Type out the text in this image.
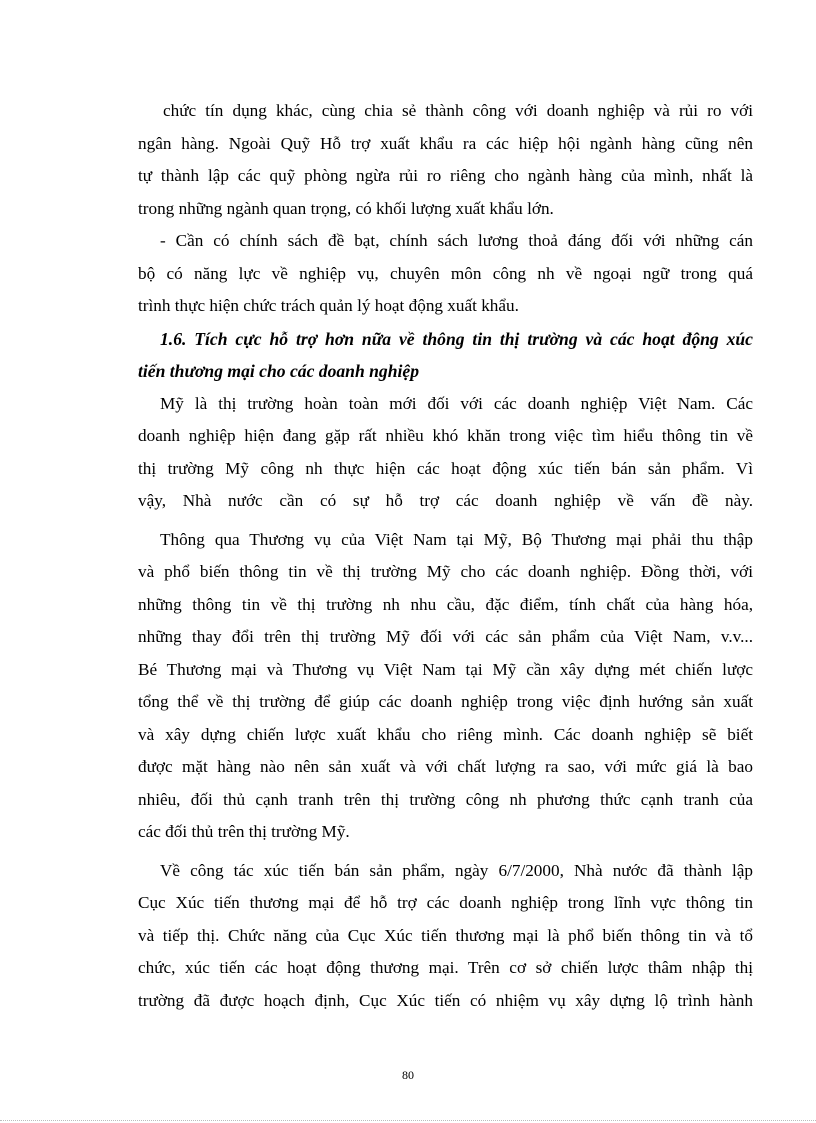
chức tín dụng khác, cùng chia sẻ thành công với doanh nghiệp và rủi ro với
ngân hàng. Ngoài Quỹ Hỗ trợ xuất khẩu ra các hiệp hội ngành hàng cũng nên
tự thành lập các quỹ phòng ngừa rủi ro riêng cho ngành hàng của mình, nhất là
trong những ngành quan trọng, có khối lượng xuất khẩu lớn.
- Cần có chính sách đề bạt, chính sách lương thoả đáng đối với những cán
bộ có năng lực về nghiệp vụ, chuyên môn công nh về ngoại ngữ trong quá
trình thực hiện chức trách quản lý hoạt động xuất khẩu.
1.6. Tích cực hỗ trợ hơn nữa về thông tin thị trường và các hoạt động xúc
tiến thương mại cho các doanh nghiệp
Mỹ là thị trường hoàn toàn mới đối với các doanh nghiệp Việt Nam. Các
doanh nghiệp hiện đang gặp rất nhiều khó khăn trong việc tìm hiểu thông tin về
thị trường Mỹ công nh thực hiện các hoạt động xúc tiến bán sản phẩm. Vì
vậy, Nhà nước cần có sự hỗ trợ các doanh nghiệp về vấn đề này.
Thông qua Thương vụ của Việt Nam tại Mỹ, Bộ Thương mại phải thu thập
và phổ biến thông tin về thị trường Mỹ cho các doanh nghiệp. Đồng thời, với
những thông tin về thị trường nh nhu cầu, đặc điểm, tính chất của hàng hóa,
những thay đổi trên thị trường Mỹ đối với các sản phẩm của Việt Nam, v.v...
Bé Thương mại và Thương vụ Việt Nam tại Mỹ cần xây dựng mét chiến lược
tổng thể về thị trường để giúp các doanh nghiệp trong việc định hướng sản xuất
và xây dựng chiến lược xuất khẩu cho riêng mình. Các doanh nghiệp sẽ biết
được mặt hàng nào nên sản xuất và với chất lượng ra sao, với mức giá là bao
nhiêu, đối thủ cạnh tranh trên thị trường công nh phương thức cạnh tranh của
các đối thủ trên thị trường Mỹ.
Về công tác xúc tiến bán sản phẩm, ngày 6/7/2000, Nhà nước đã thành lập
Cục Xúc tiến thương mại để hỗ trợ các doanh nghiệp trong lĩnh vực thông tin
và tiếp thị. Chức năng của Cục Xúc tiến thương mại là phổ biến thông tin và tổ
chức, xúc tiến các hoạt động thương mại. Trên cơ sở chiến lược thâm nhập thị
trường đã được hoạch định, Cục Xúc tiến có nhiệm vụ xây dựng lộ trình hành
80
